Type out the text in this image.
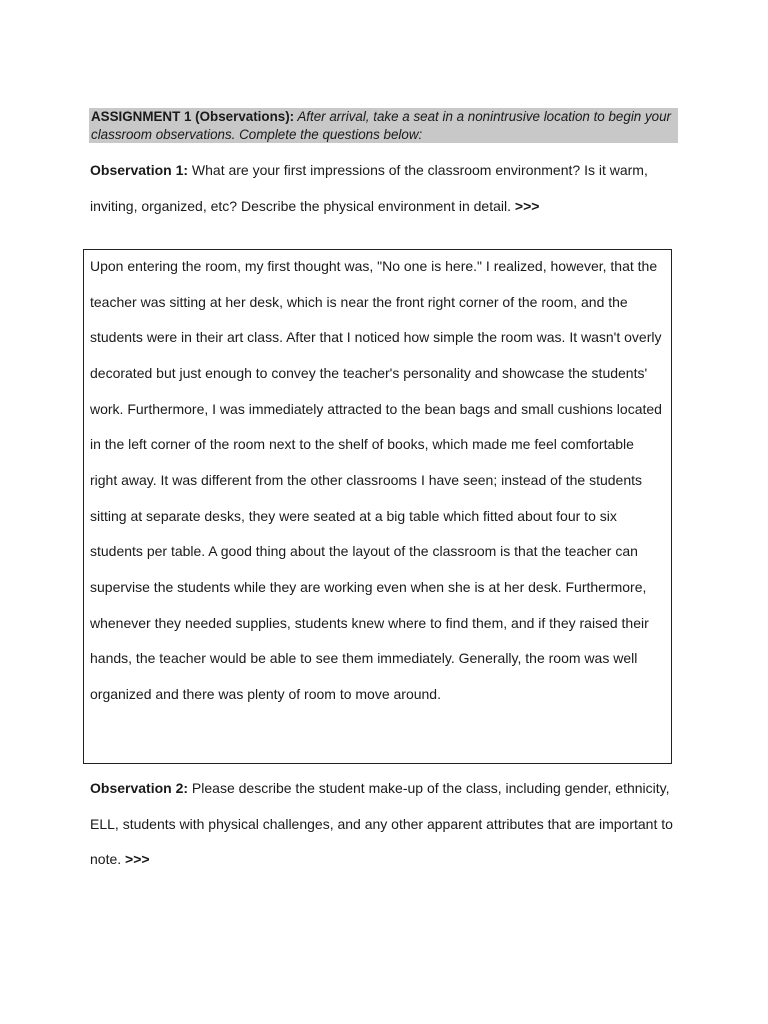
ASSIGNMENT 1 (Observations): After arrival, take a seat in a nonintrusive location to begin your classroom observations. Complete the questions below:
Observation 1: What are your first impressions of the classroom environment? Is it warm, inviting, organized, etc? Describe the physical environment in detail. >>>
Upon entering the room, my first thought was, "No one is here." I realized, however, that the teacher was sitting at her desk, which is near the front right corner of the room, and the students were in their art class. After that I noticed how simple the room was. It wasn't overly decorated but just enough to convey the teacher's personality and showcase the students' work. Furthermore, I was immediately attracted to the bean bags and small cushions located in the left corner of the room next to the shelf of books, which made me feel comfortable right away. It was different from the other classrooms I have seen; instead of the students sitting at separate desks, they were seated at a big table which fitted about four to six students per table. A good thing about the layout of the classroom is that the teacher can supervise the students while they are working even when she is at her desk. Furthermore, whenever they needed supplies, students knew where to find them, and if they raised their hands, the teacher would be able to see them immediately. Generally, the room was well organized and there was plenty of room to move around.
Observation 2: Please describe the student make-up of the class, including gender, ethnicity, ELL, students with physical challenges, and any other apparent attributes that are important to note. >>>
